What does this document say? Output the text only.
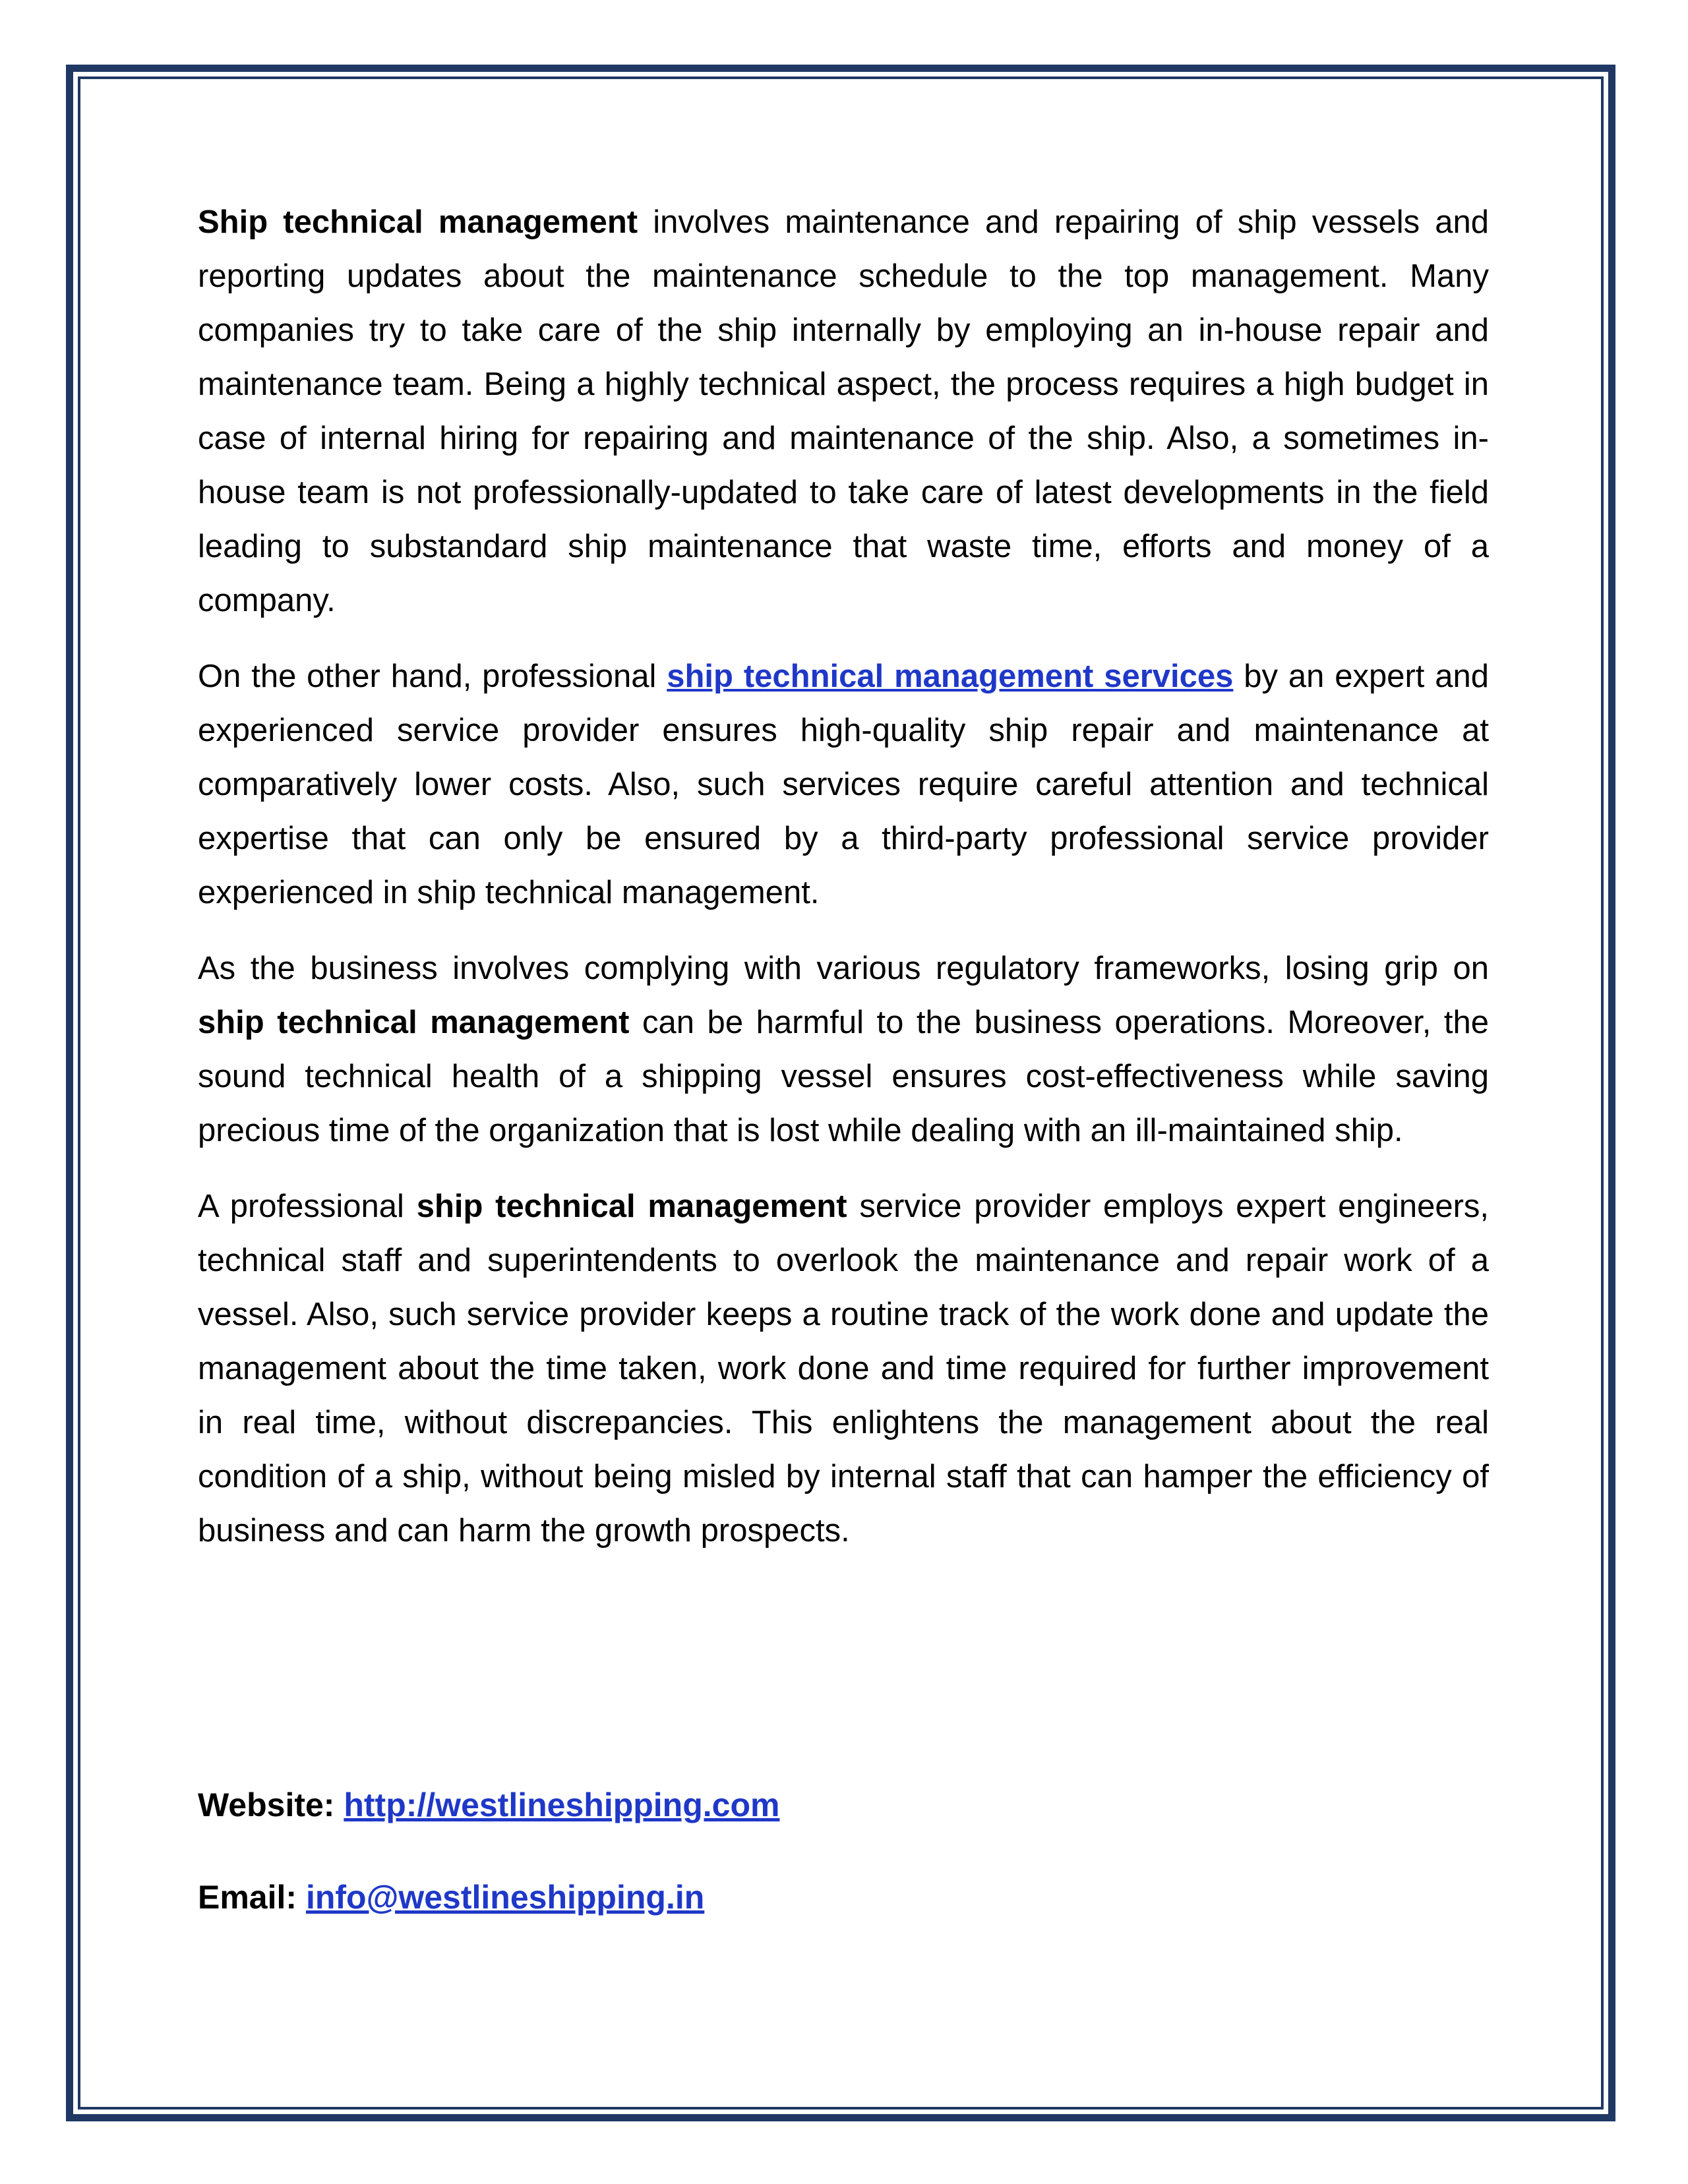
Ship technical management involves maintenance and repairing of ship vessels and reporting updates about the maintenance schedule to the top management. Many companies try to take care of the ship internally by employing an in-house repair and maintenance team. Being a highly technical aspect, the process requires a high budget in case of internal hiring for repairing and maintenance of the ship. Also, a sometimes in-house team is not professionally-updated to take care of latest developments in the field leading to substandard ship maintenance that waste time, efforts and money of a company.

On the other hand, professional ship technical management services by an expert and experienced service provider ensures high-quality ship repair and maintenance at comparatively lower costs. Also, such services require careful attention and technical expertise that can only be ensured by a third-party professional service provider experienced in ship technical management.

As the business involves complying with various regulatory frameworks, losing grip on ship technical management can be harmful to the business operations. Moreover, the sound technical health of a shipping vessel ensures cost-effectiveness while saving precious time of the organization that is lost while dealing with an ill-maintained ship.

A professional ship technical management service provider employs expert engineers, technical staff and superintendents to overlook the maintenance and repair work of a vessel. Also, such service provider keeps a routine track of the work done and update the management about the time taken, work done and time required for further improvement in real time, without discrepancies. This enlightens the management about the real condition of a ship, without being misled by internal staff that can hamper the efficiency of business and can harm the growth prospects.

Website: http://westlineshipping.com
Email: info@westlineshipping.in
